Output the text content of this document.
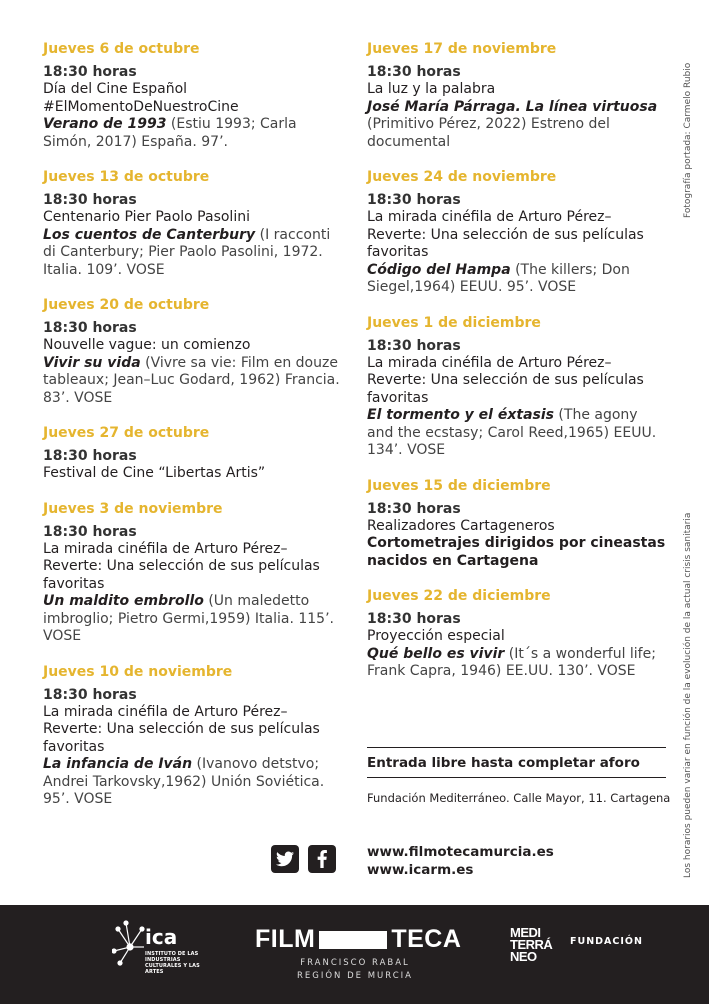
Jueves 6 de octubre
18:30 horas
Día del Cine Español
#ElMomentoDeNuestroCine
Verano de 1993 (Estiu 1993; Carla Simón, 2017) España. 97’.
Jueves 13 de octubre
18:30 horas
Centenario Pier Paolo Pasolini
Los cuentos de Canterbury (I racconti di Canterbury; Pier Paolo Pasolini, 1972. Italia. 109’. VOSE
Jueves 20 de octubre
18:30 horas
Nouvelle vague: un comienzo
Vivir su vida (Vivre sa vie: Film en douze tableaux; Jean–Luc Godard, 1962) Francia. 83’. VOSE
Jueves 27 de octubre
18:30 horas
Festival de Cine “Libertas Artis”
Jueves 3 de noviembre
18:30 horas
La mirada cinéfila de Arturo Pérez–Reverte: Una selección de sus películas favoritas
Un maldito embrollo (Un maledetto imbroglio; Pietro Germi,1959) Italia. 115’. VOSE
Jueves 10 de noviembre
18:30 horas
La mirada cinéfila de Arturo Pérez–Reverte: Una selección de sus películas favoritas
La infancia de Iván (Ivanovo detstvo; Andrei Tarkovsky,1962) Unión Soviética. 95’. VOSE
Jueves 17 de noviembre
18:30 horas
La luz y la palabra
José María Párraga. La línea virtuosa
(Primitivo Pérez, 2022) Estreno del documental
Jueves 24 de noviembre
18:30 horas
La mirada cinéfila de Arturo Pérez–Reverte: Una selección de sus películas favoritas
Código del Hampa (The killers; Don Siegel,1964) EEUU. 95’. VOSE
Jueves 1 de diciembre
18:30 horas
La mirada cinéfila de Arturo Pérez–Reverte: Una selección de sus películas favoritas
El tormento y el éxtasis (The agony and the ecstasy; Carol Reed,1965) EEUU. 134’. VOSE
Jueves 15 de diciembre
18:30 horas
Realizadores Cartageneros
Cortometrajes dirigidos por cineastas nacidos en Cartagena
Jueves 22 de diciembre
18:30 horas
Proyección especial
Qué bello es vivir (It´s a wonderful life; Frank Capra, 1946) EE.UU. 130’. VOSE
Entrada libre hasta completar aforo
Fundación Mediterráneo. Calle Mayor, 11. Cartagena
www.filmotecamurcia.es
www.icarm.es
Fotografía portada: Carmelo Rubio
Los horarios pueden variar en función de la evolución de la actual crisis sanitaria
ica
INSTITUTO DE LAS INDUSTRIAS CULTURALES Y LAS ARTES
FILM	TECA
FRANCISCO RABAL
REGIÓN DE MURCIA
MEDI
TERRÁ
NEO
FUNDACIÓN
